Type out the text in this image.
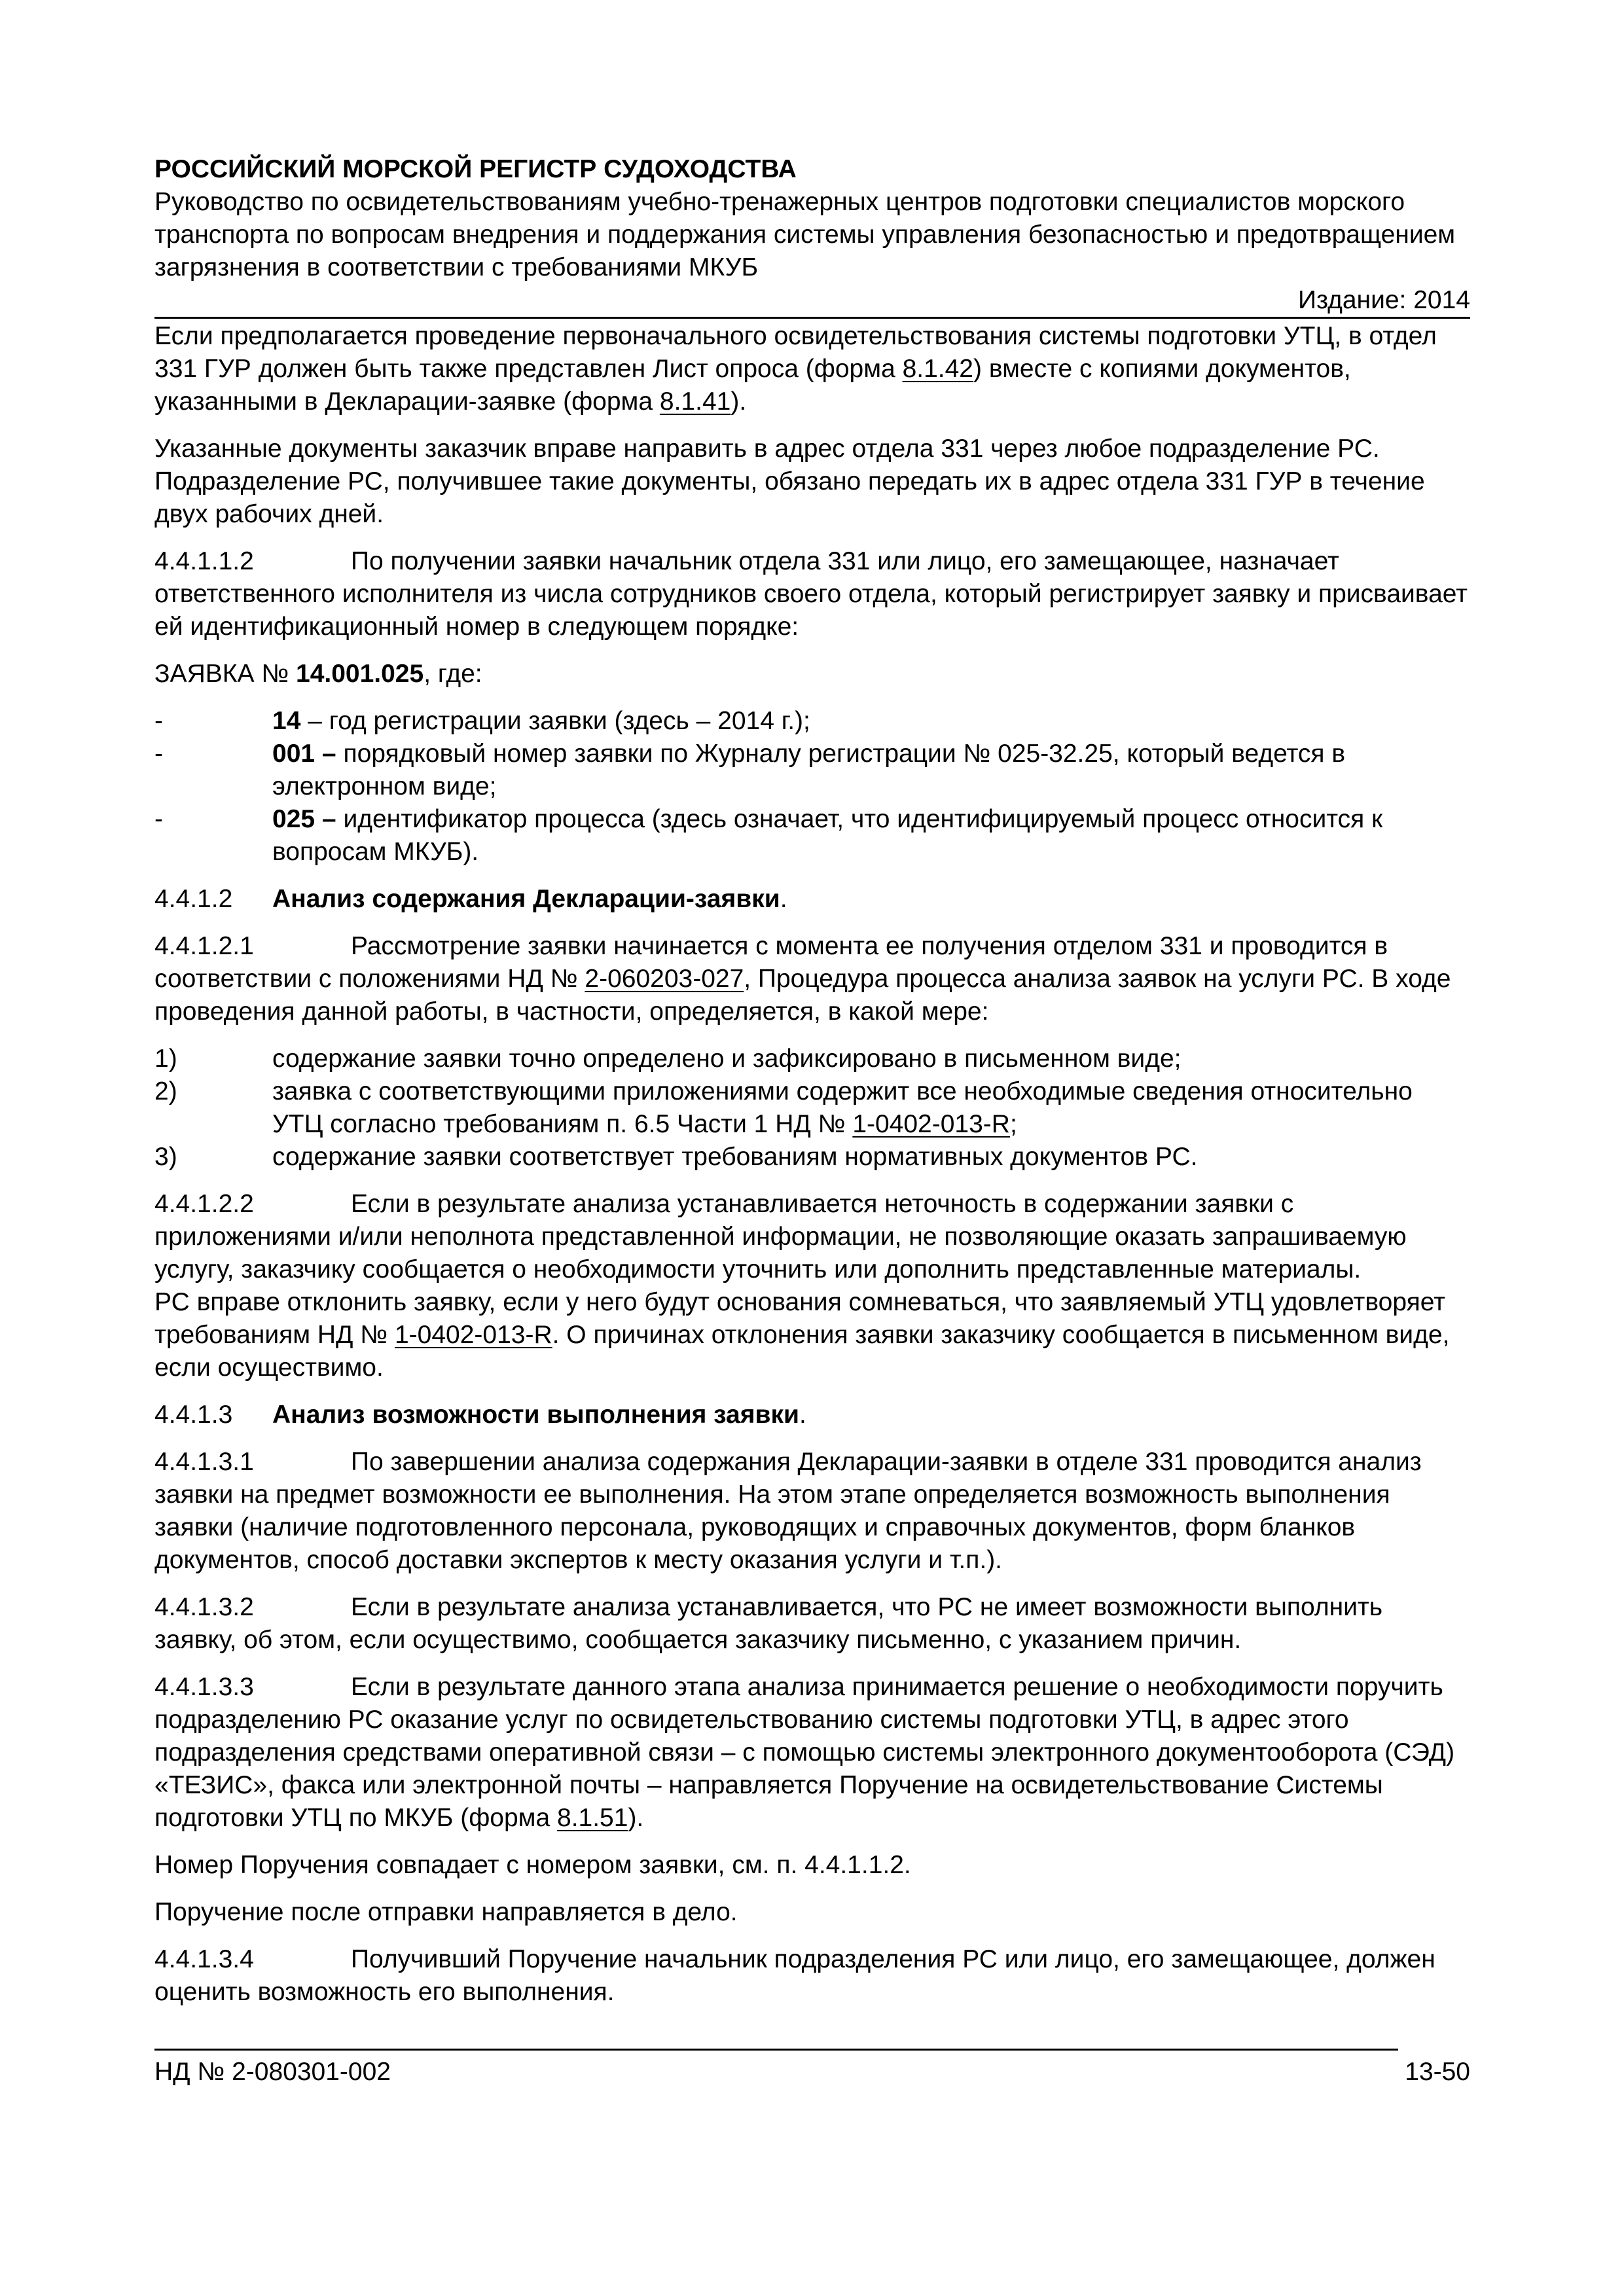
РОССИЙСКИЙ МОРСКОЙ РЕГИСТР СУДОХОДСТВА

Руководство по освидетельствованиям учебно-тренажерных центров подготовки специалистов морского транспорта по вопросам внедрения и поддержания системы управления безопасностью и предотвращением загрязнения в соответствии с требованиями МКУБ

Издание: 2014

Если предполагается проведение первоначального освидетельствования системы подготовки УТЦ, в отдел 331 ГУР должен быть также представлен Лист опроса (форма 8.1.42) вместе с копиями документов, указанными в Декларации-заявке (форма 8.1.41).

Указанные документы заказчик вправе направить в адрес отдела 331 через любое подразделение РС. Подразделение РС, получившее такие документы, обязано передать их в адрес отдела 331 ГУР в течение двух рабочих дней.

4.4.1.1.2	По получении заявки начальник отдела 331 или лицо, его замещающее, назначает ответственного исполнителя из числа сотрудников своего отдела, который регистрирует заявку и присваивает ей идентификационный номер в следующем порядке:

ЗАЯВКА № 14.001.025, где:

-	14 – год регистрации заявки (здесь – 2014 г.);
-	001 – порядковый номер заявки по Журналу регистрации № 025-32.25, который ведется в электронном виде;
-	025 – идентификатор процесса (здесь означает, что идентифицируемый процесс относится к вопросам МКУБ).

4.4.1.2 Анализ содержания Декларации-заявки.

4.4.1.2.1	Рассмотрение заявки начинается с момента ее получения отделом 331 и проводится в соответствии с положениями НД № 2-060203-027, Процедура процесса анализа заявок на услуги РС. В ходе проведения данной работы, в частности, определяется, в какой мере:

1)	содержание заявки точно определено и зафиксировано в письменном виде;
2)	заявка с соответствующими приложениями содержит все необходимые сведения относительно УТЦ согласно требованиям п. 6.5 Части 1 НД № 1-0402-013-R;
3)	содержание заявки соответствует требованиям нормативных документов РС.

4.4.1.2.2	Если в результате анализа устанавливается неточность в содержании заявки с приложениями и/или неполнота представленной информации, не позволяющие оказать запрашиваемую услугу, заказчику сообщается о необходимости уточнить или дополнить представленные материалы.
РС вправе отклонить заявку, если у него будут основания сомневаться, что заявляемый УТЦ удовлетворяет требованиям НД № 1-0402-013-R. О причинах отклонения заявки заказчику сообщается в письменном виде, если осуществимо.

4.4.1.3 Анализ возможности выполнения заявки.

4.4.1.3.1	По завершении анализа содержания Декларации-заявки в отделе 331 проводится анализ заявки на предмет возможности ее выполнения. На этом этапе определяется возможность выполнения заявки (наличие подготовленного персонала, руководящих и справочных документов, форм бланков документов, способ доставки экспертов к месту оказания услуги и т.п.).

4.4.1.3.2	Если в результате анализа устанавливается, что РС не имеет возможности выполнить заявку, об этом, если осуществимо, сообщается заказчику письменно, с указанием причин.

4.4.1.3.3	Если в результате данного этапа анализа принимается решение о необходимости поручить подразделению РС оказание услуг по освидетельствованию системы подготовки УТЦ, в адрес этого подразделения средствами оперативной связи – с помощью системы электронного документооборота (СЭД) «ТЕЗИС», факса или электронной почты – направляется Поручение на освидетельствование Системы подготовки УТЦ по МКУБ (форма 8.1.51).

Номер Поручения совпадает с номером заявки, см. п. 4.4.1.1.2.

Поручение после отправки направляется в дело.

4.4.1.3.4	Получивший Поручение начальник подразделения РС или лицо, его замещающее, должен оценить возможность его выполнения.

НД № 2-080301-002	13-50
